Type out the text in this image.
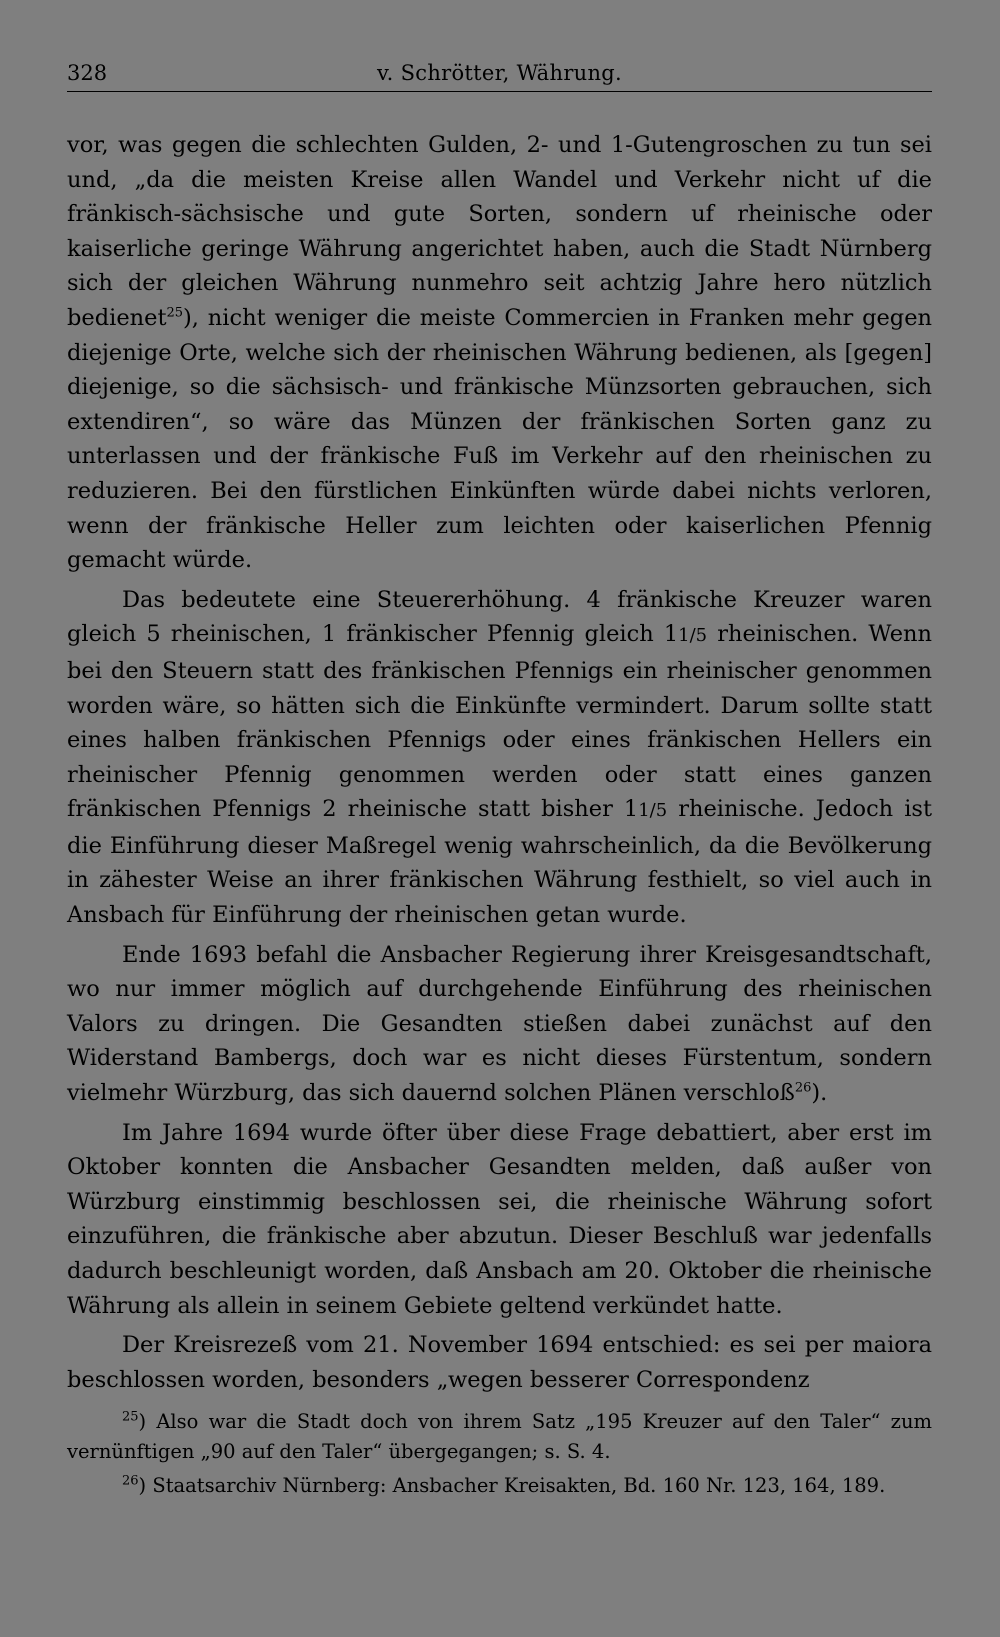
328	v. Schrötter, Währung.

vor, was gegen die schlechten Gulden, 2- und 1-Gutengroschen zu tun sei und, „da die meisten Kreise allen Wandel und Verkehr nicht uf die fränkisch-sächsische und gute Sorten, sondern uf rheinische oder kaiserliche geringe Währung angerichtet haben, auch die Stadt Nürnberg sich der gleichen Währung nunmehro seit achtzig Jahre hero nützlich bedienet$^{25}$), nicht weniger die meiste Commercien in Franken mehr gegen diejenige Orte, welche sich der rheinischen Währung bedienen, als [gegen] diejenige, so die sächsisch- und fränkische Münzsorten gebrauchen, sich extendiren“, so wäre das Münzen der fränkischen Sorten ganz zu unterlassen und der fränkische Fuß im Verkehr auf den rheinischen zu reduzieren. Bei den fürstlichen Einkünften würde dabei nichts verloren, wenn der fränkische Heller zum leichten oder kaiserlichen Pfennig gemacht würde.

Das bedeutete eine Steuererhöhung. 4 fränkische Kreuzer waren gleich 5 rheinischen, 1 fränkischer Pfennig gleich 11/5 rheinischen. Wenn bei den Steuern statt des fränkischen Pfennigs ein rheinischer genommen worden wäre, so hätten sich die Einkünfte vermindert. Darum sollte statt eines halben fränkischen Pfennigs oder eines fränkischen Hellers ein rheinischer Pfennig genommen werden oder statt eines ganzen fränkischen Pfennigs 2 rheinische statt bisher 11/5 rheinische. Jedoch ist die Einführung dieser Maßregel wenig wahrscheinlich, da die Bevölkerung in zähester Weise an ihrer fränkischen Währung festhielt, so viel auch in Ansbach für Einführung der rheinischen getan wurde.

Ende 1693 befahl die Ansbacher Regierung ihrer Kreisgesandtschaft, wo nur immer möglich auf durchgehende Einführung des rheinischen Valors zu dringen. Die Gesandten stießen dabei zunächst auf den Widerstand Bambergs, doch war es nicht dieses Fürstentum, sondern vielmehr Würzburg, das sich dauernd solchen Plänen verschloß$^{26}$).

Im Jahre 1694 wurde öfter über diese Frage debattiert, aber erst im Oktober konnten die Ansbacher Gesandten melden, daß außer von Würzburg einstimmig beschlossen sei, die rheinische Währung sofort einzuführen, die fränkische aber abzutun. Dieser Beschluß war jedenfalls dadurch beschleunigt worden, daß Ansbach am 20. Oktober die rheinische Währung als allein in seinem Gebiete geltend verkündet hatte.

Der Kreisrezeß vom 21. November 1694 entschied: es sei per maiora beschlossen worden, besonders „wegen besserer Correspondenz

$^{25}$) Also war die Stadt doch von ihrem Satz „195 Kreuzer auf den Taler“ zum vernünftigen „90 auf den Taler“ übergegangen; s. S. 4.

$^{26}$) Staatsarchiv Nürnberg: Ansbacher Kreisakten, Bd. 160 Nr. 123, 164, 189.
